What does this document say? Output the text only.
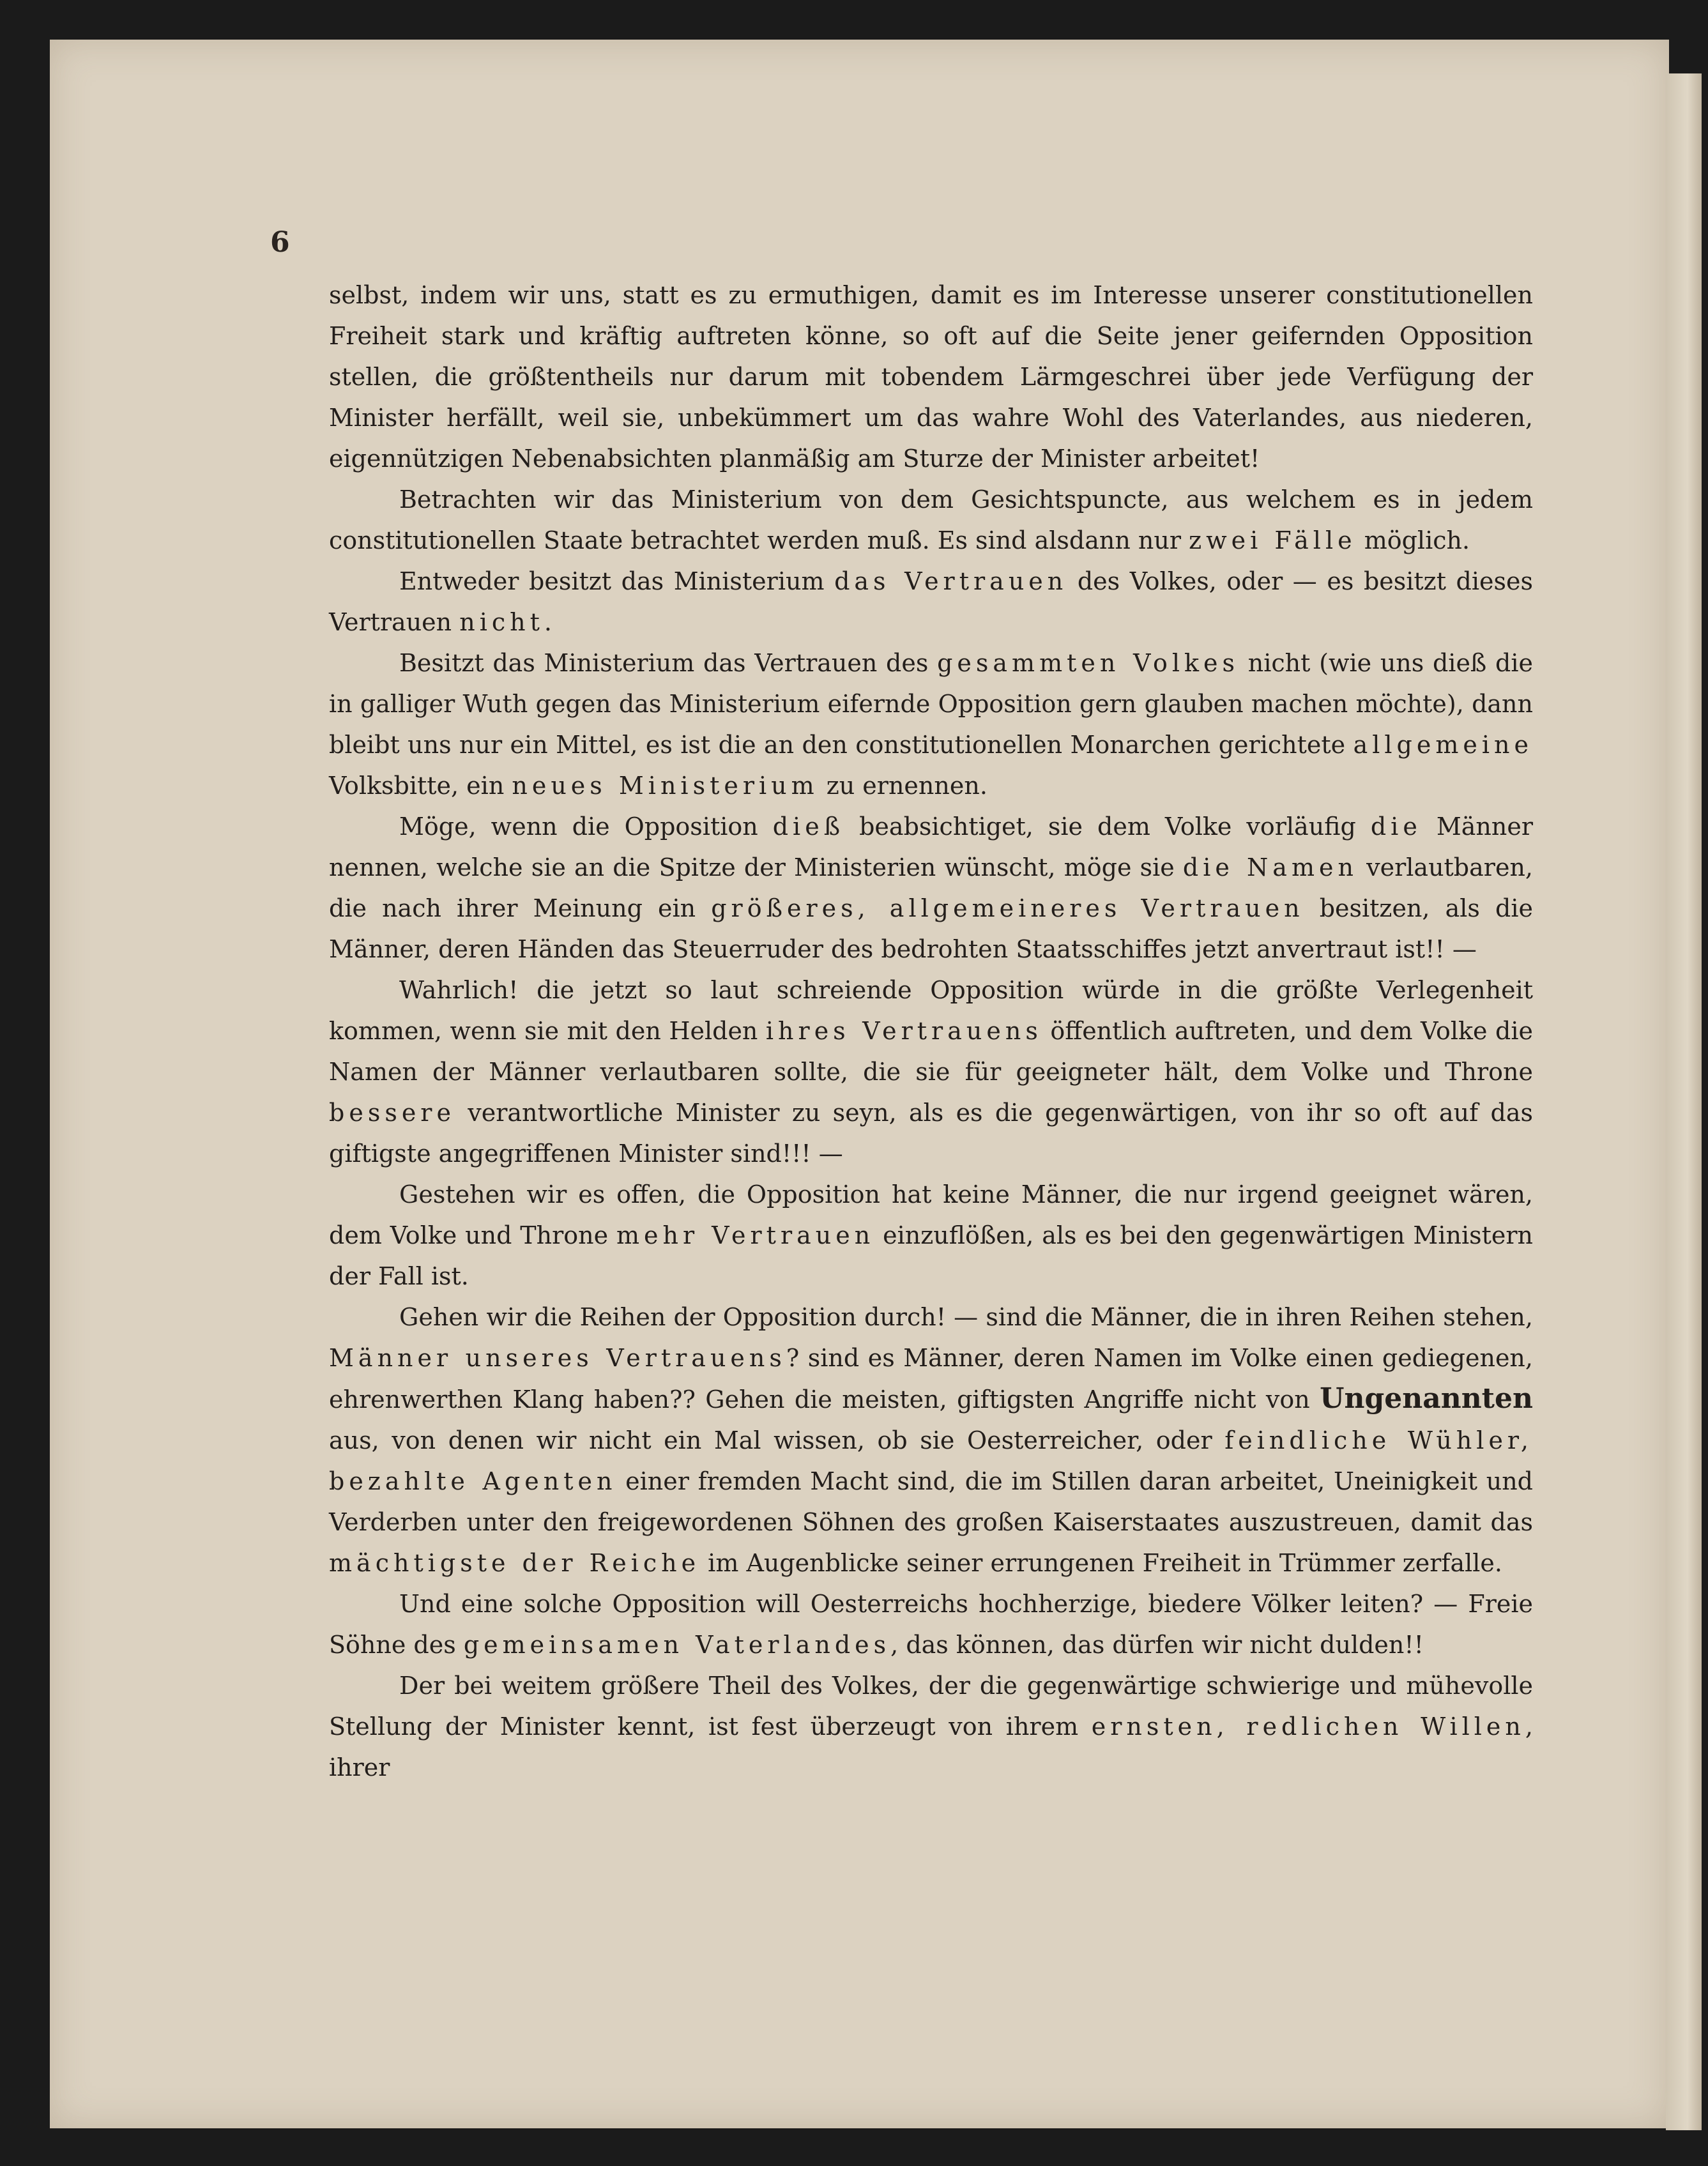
6

selbst, indem wir uns, statt es zu ermuthigen, damit es im Interesse unserer constitutionellen Freiheit stark und kräftig auftreten könne, so oft auf die Seite jener geifernden Opposition stellen, die größtentheils nur darum mit tobendem Lärmgeschrei über jede Verfügung der Minister herfällt, weil sie, unbekümmert um das wahre Wohl des Vaterlandes, aus niederen, eigennützigen Nebenabsichten planmäßig am Sturze der Minister arbeitet!

Betrachten wir das Ministerium von dem Gesichtspuncte, aus welchem es in jedem constitutionellen Staate betrachtet werden muß. Es sind alsdann nur zwei Fälle möglich.

Entweder besitzt das Ministerium das Vertrauen des Volkes, oder — es besitzt dieses Vertrauen nicht.

Besitzt das Ministerium das Vertrauen des gesammten Volkes nicht (wie uns dieß die in galliger Wuth gegen das Ministerium eifernde Opposition gern glauben machen möchte), dann bleibt uns nur ein Mittel, es ist die an den constitutionellen Monarchen gerichtete allgemeine Volksbitte, ein neues Ministerium zu ernennen.

Möge, wenn die Opposition dieß beabsichtiget, sie dem Volke vorläufig die Männer nennen, welche sie an die Spitze der Ministerien wünscht, möge sie die Namen verlautbaren, die nach ihrer Meinung ein größeres, allgemeineres Vertrauen besitzen, als die Männer, deren Händen das Steuerruder des bedrohten Staatsschiffes jetzt anvertraut ist!! —

Wahrlich! die jetzt so laut schreiende Opposition würde in die größte Verlegenheit kommen, wenn sie mit den Helden ihres Vertrauens öffentlich auftreten, und dem Volke die Namen der Männer verlautbaren sollte, die sie für geeigneter hält, dem Volke und Throne bessere verantwortliche Minister zu seyn, als es die gegenwärtigen, von ihr so oft auf das giftigste angegriffenen Minister sind!!! —

Gestehen wir es offen, die Opposition hat keine Männer, die nur irgend geeignet wären, dem Volke und Throne mehr Vertrauen einzuflößen, als es bei den gegenwärtigen Ministern der Fall ist.

Gehen wir die Reihen der Opposition durch! — sind die Männer, die in ihren Reihen stehen, Männer unseres Vertrauens? sind es Männer, deren Namen im Volke einen gediegenen, ehrenwerthen Klang haben?? Gehen die meisten, giftigsten Angriffe nicht von Ungenannten aus, von denen wir nicht ein Mal wissen, ob sie Oesterreicher, oder feindliche Wühler, bezahlte Agenten einer fremden Macht sind, die im Stillen daran arbeitet, Uneinigkeit und Verderben unter den freigewordenen Söhnen des großen Kaiserstaates auszustreuen, damit das mächtigste der Reiche im Augenblicke seiner errungenen Freiheit in Trümmer zerfalle.

Und eine solche Opposition will Oesterreichs hochherzige, biedere Völker leiten? — Freie Söhne des gemeinsamen Vaterlandes, das können, das dürfen wir nicht dulden!!

Der bei weitem größere Theil des Volkes, der die gegenwärtige schwierige und mühevolle Stellung der Minister kennt, ist fest überzeugt von ihrem ernsten, redlichen Willen, ihrer
